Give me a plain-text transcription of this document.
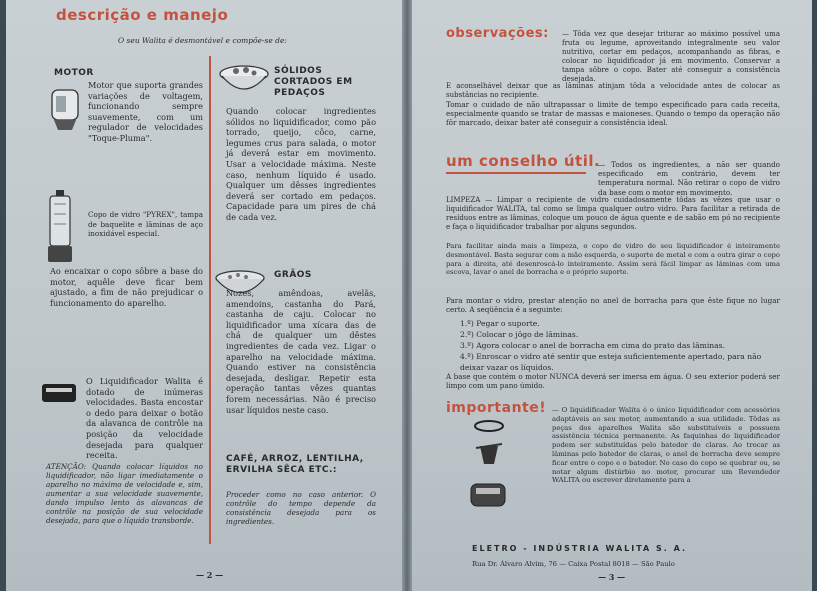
descrição e manejo
O seu Walita é desmontável e compõe-se de:
MOTOR
Motor que suporta grandes variações de voltagem, funcionando sempre suavemente, com um regulador de velocidades "Toque-Pluma".
Copo de vidro "PYREX", tampa de baquelite e lâminas de aço inoxidável especial.
Ao encaixar o copo sôbre a base do motor, aquêle deve ficar bem ajustado, a fim de não prejudicar o funcionamento do aparelho.
O Liquidificador Walita é dotado de inúmeras velocidades. Basta encostar o dedo para deixar o botão da alavanca de contrôle na posição da velocidade desejada para qualquer receita.
ATENÇÃO: Quando colocar líquidos no liquidificador, não ligar imediatamente o aparelho no máximo de velocidade e, sim, aumentar a sua velocidade suavemente, dando impulso lento às alavancas de contrôle na posição de sua velocidade desejada, para que o líquido transborde.
SÓLIDOS CORTADOS EM PEDAÇOS
Quando colocar ingredientes sólidos no liquidificador, como pão torrado, queijo, côco, carne, legumes crus para salada, o motor já deverá estar em movimento. Usar a velocidade máxima. Neste caso, nenhum líquido é usado. Qualquer um dêsses ingredientes deverá ser cortado em pedaços. Capacidade para um pires de chá de cada vez.
GRÃOS
Nozes, amêndoas, avelãs, amendoins, castanha do Pará, castanha de caju. Colocar no liquidificador uma xícara das de chá de qualquer um dêstes ingredientes de cada vez. Ligar o aparelho na velocidade máxima. Quando estiver na consistência desejada, desligar. Repetir esta operação tantas vêzes quantas forem necessárias. Não é preciso usar líquidos neste caso.
CAFÉ, ARROZ, LENTILHA, ERVILHA SÊCA ETC.:
Proceder como no caso anterior. O contrôle do tempo depende da consistência desejada para os ingredientes.
— 2 —
observações: — Tôda vez que desejar triturar ao máximo possível uma fruta ou legume, aproveitando integralmente seu valor nutritivo, cortar em pedaços, acompanhando as fibras, e colocar no liquidificador já em movimento. Conservar a tampa sôbre o copo. Bater até conseguir a consistência desejada.
E aconselhável deixar que as lâminas atinjam tôda a velocidade antes de colocar as substâncias no recipiente.
Tomar o cuidado de não ultrapassar o limite de tempo especificado para cada receita, especialmente quando se tratar de massas e maioneses. Quando o tempo da operação não fôr marcado, deixar bater até conseguir a consistência ideal.
um conselho útil.
— Todos os ingredientes, a não ser quando especificado em contrário, devem ter temperatura normal. Não retirar o copo de vidro da base com o motor em movimento.
LIMPEZA — Limpar o recipiente de vidro cuidadosamente tôdas as vêzes que usar o liquidificador WALITA, tal como se limpa qualquer outro vidro. Para facilitar a retirada de resíduos entre as lâminas, coloque um pouco de água quente e de sabão em pó no recipiente e faça o liquidificador trabalhar por alguns segundos.
Para facilitar ainda mais a limpeza, o copo de vidro de seu liquidificador é inteiramente desmontável. Basta segurar com a mão esquerda, o suporte de metal e com a outra girar o copo para a direita, até desenroscá-lo inteiramente. Assim será fácil limpar as lâminas com uma escova, lavar o anel de borracha e o próprio suporte.
Para montar o vidro, prestar atenção no anel de borracha para que êste fique no lugar certo. A seqüência é a seguinte:
1.º) Pegar o suporte.
2.º) Colocar o jôgo de lâminas.
3.º) Agora colocar o anel de borracha em cima do prato das lâminas.
4.º) Enroscar o vidro até sentir que esteja suficientemente apertado, para não deixar vazar os líquidos.
A base que contém o motor NUNCA deverá ser imersa em água. O seu exterior poderá ser limpo com um pano úmido.
importante! — O liquidificador Walita é o único liquidificador com acessórios adaptáveis ao seu motor, aumentando a sua utilidade. Tôdas as peças dos aparelhos Walita são substituíveis e possuem assistência técnica permanente. As faquinhas do liquidificador podem ser substituídas pelo batedor de claras. Ao trocar as lâminas pelo batedor de claras, o anel de borracha deve sempre ficar entre o copo e o batedor. No caso do copo se quebrar ou, se notar algum distúrbio no motor, procurar um Revendedor WALITA ou escrever diretamente para a
ELETRO - INDÚSTRIA WALITA S. A.
Rua Dr. Álvaro Alvim, 76 — Caixa Postal 8018 — São Paulo
— 3 —
